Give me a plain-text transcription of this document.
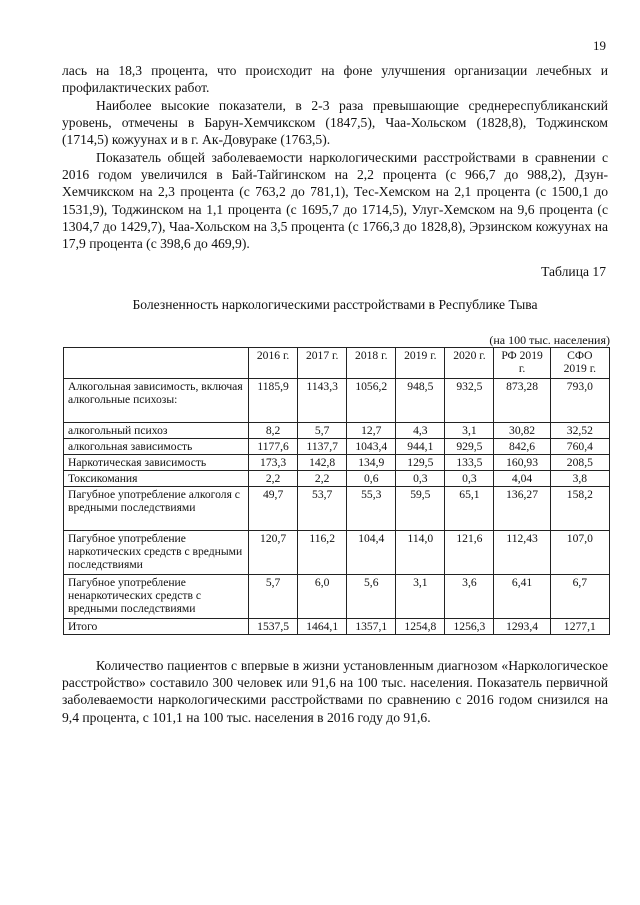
19

лась на 18,3 процента, что происходит на фоне улучшения организации лечебных и профилактических работ.

Наиболее высокие показатели, в 2-3 раза превышающие среднереспубликанский уровень, отмечены в Барун-Хемчикском (1847,5), Чаа-Хольском (1828,8), Тоджинском (1714,5) кожуунах и в г. Ак-Довураке (1763,5).

Показатель общей заболеваемости наркологическими расстройствами в сравнении с 2016 годом увеличился в Бай-Тайгинском на 2,2 процента (с 966,7 до 988,2), Дзун-Хемчикском на 2,3 процента (с 763,2 до 781,1), Тес-Хемском на 2,1 процента (с 1500,1 до 1531,9), Тоджинском на 1,1 процента (с 1695,7 до 1714,5), Улуг-Хемском на 9,6 процента (с 1304,7 до 1429,7), Чаа-Хольском на 3,5 процента (с 1766,3 до 1828,8), Эрзинском кожуунах на 17,9 процента (с 398,6 до 469,9).

Таблица 17
Болезненность наркологическими расстройствами в Республике Тыва
(на 100 тыс. населения)
	2016 г.	2017 г.	2018 г.	2019 г.	2020 г.	РФ 2019 г.	СФО 2019 г.
Алкогольная зависимость, включая алкогольные психозы:	1185,9	1143,3	1056,2	948,5	932,5	873,28	793,0
алкогольный психоз	8,2	5,7	12,7	4,3	3,1	30,82	32,52
алкогольная зависимость	1177,6	1137,7	1043,4	944,1	929,5	842,6	760,4
Наркотическая зависимость	173,3	142,8	134,9	129,5	133,5	160,93	208,5
Токсикомания	2,2	2,2	0,6	0,3	0,3	4,04	3,8
Пагубное употребление алкоголя с вредными последствиями	49,7	53,7	55,3	59,5	65,1	136,27	158,2
Пагубное употребление наркотических средств с вредными последствиями	120,7	116,2	104,4	114,0	121,6	112,43	107,0
Пагубное употребление ненаркотических средств с вредными последствиями	5,7	6,0	5,6	3,1	3,6	6,41	6,7
Итого	1537,5	1464,1	1357,1	1254,8	1256,3	1293,4	1277,1

Количество пациентов с впервые в жизни установленным диагнозом «Наркологическое расстройство» составило 300 человек или 91,6 на 100 тыс. населения. Показатель первичной заболеваемости наркологическими расстройствами по сравнению с 2016 годом снизился на 9,4 процента, с 101,1 на 100 тыс. населения в 2016 году до 91,6.
